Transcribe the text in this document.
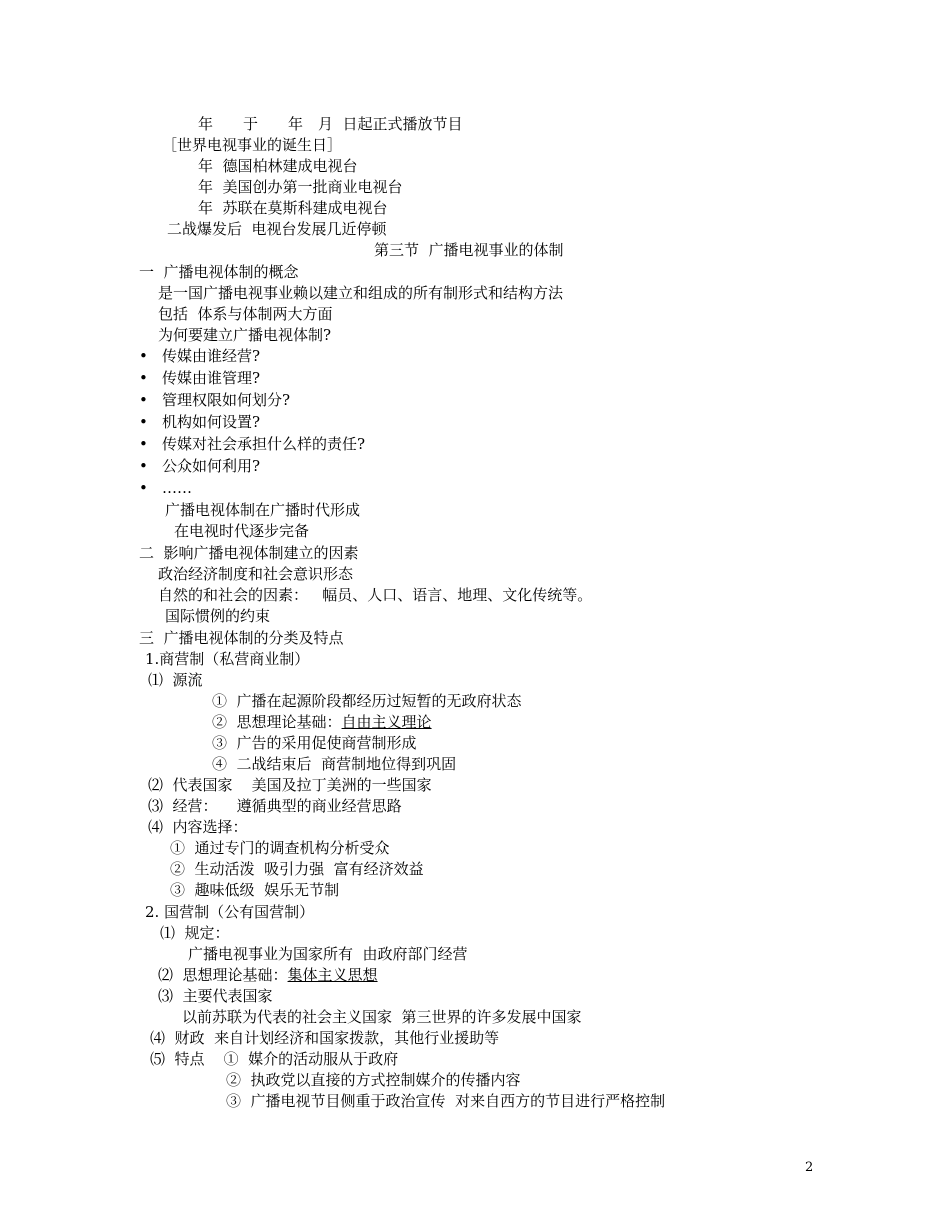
年　　于　　年　月  日起正式播放节目
［世界电视事业的诞生日］
年  德国柏林建成电视台
年  美国创办第一批商业电视台
年  苏联在莫斯科建成电视台
二战爆发后  电视台发展几近停顿
第三节  广播电视事业的体制
一  广播电视体制的概念
是一国广播电视事业赖以建立和组成的所有制形式和结构方法
包括  体系与体制两大方面
为何要建立广播电视体制?
• 传媒由谁经营?
• 传媒由谁管理?
• 管理权限如何划分?
• 机构如何设置?
• 传媒对社会承担什么样的责任?
• 公众如何利用?
• ……
广播电视体制在广播时代形成
在电视时代逐步完备
二  影响广播电视体制建立的因素
政治经济制度和社会意识形态
自然的和社会的因素：   幅员、人口、语言、地理、文化传统等。
国际惯例的约束
三  广播电视体制的分类及特点
1.商营制（私营商业制）
⑴  源流
①  广播在起源阶段都经历过短暂的无政府状态
②  思想理论基础：自由主义理论
③  广告的采用促使商营制形成
④  二战结束后  商营制地位得到巩固
⑵  代表国家    美国及拉丁美洲的一些国家
⑶  经营：    遵循典型的商业经营思路
⑷  内容选择：
①  通过专门的调查机构分析受众
②  生动活泼  吸引力强  富有经济效益
③  趣味低级  娱乐无节制
2. 国营制（公有国营制）
⑴  规定：
广播电视事业为国家所有  由政府部门经营
⑵  思想理论基础：集体主义思想
⑶  主要代表国家
以前苏联为代表的社会主义国家  第三世界的许多发展中国家
⑷  财政  来自计划经济和国家拨款，其他行业援助等
⑸  特点    ①  媒介的活动服从于政府
②  执政党以直接的方式控制媒介的传播内容
③  广播电视节目侧重于政治宣传  对来自西方的节目进行严格控制
2
